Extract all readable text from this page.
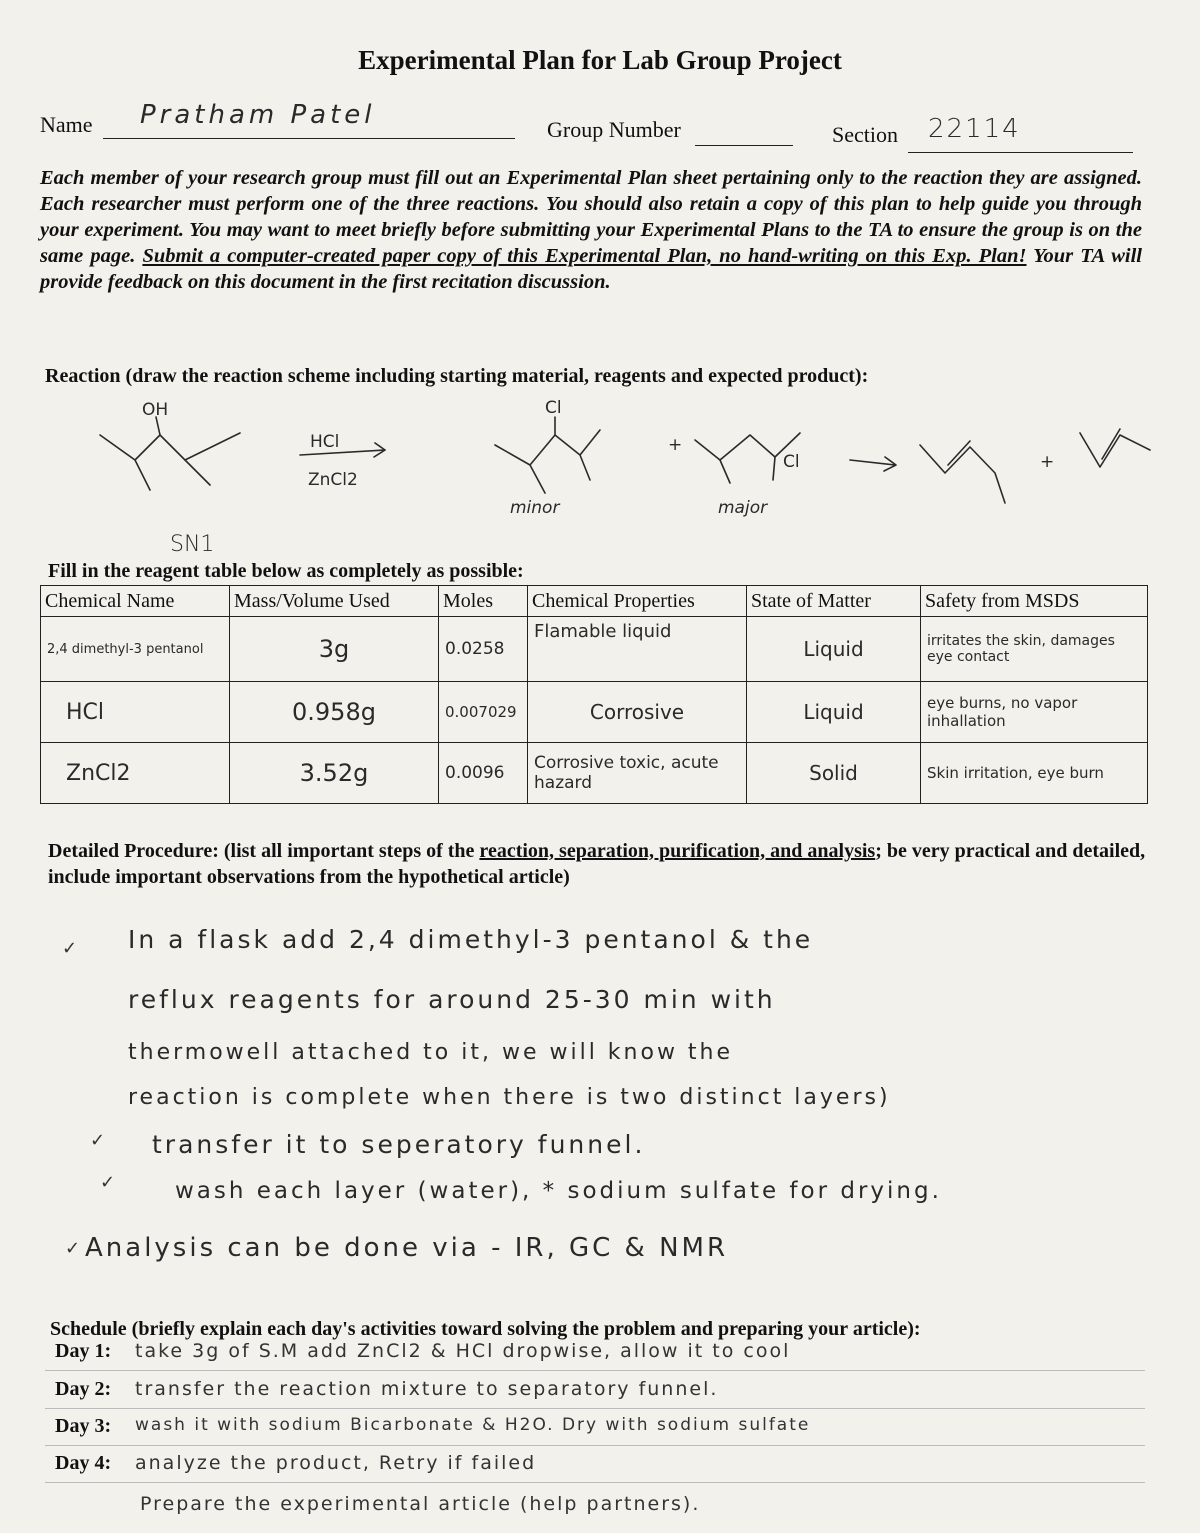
Experimental Plan for Lab Group Project
Name Pratham Patel	Group Number	Section 22114
Each member of your research group must fill out an Experimental Plan sheet pertaining only to the reaction they are assigned. Each researcher must perform one of the three reactions. You should also retain a copy of this plan to help guide you through your experiment. You may want to meet briefly before submitting your Experimental Plans to the TA to ensure the group is on the same page. Submit a computer-created paper copy of this Experimental Plan, no hand-writing on this Exp. Plan! Your TA will provide feedback on this document in the first recitation discussion.
Reaction (draw the reaction scheme including starting material, reagents and expected product):
OH
HCl
ZnCl2
Cl
minor
+
Cl
major
+
SN1
Fill in the reagent table below as completely as possible:
Chemical Name	Mass/Volume Used	Moles	Chemical Properties	State of Matter	Safety from MSDS
2,4 dimethyl-3 pentanol	3g	0.0258	Flamable liquid	Liquid	irritates the skin, damages eye contact
HCl	0.958g	0.007029	Corrosive	Liquid	eye burns, no vapor inhallation
ZnCl2	3.52g	0.0096	Corrosive toxic, acute hazard	Solid	Skin irritation, eye burn
Detailed Procedure: (list all important steps of the reaction, separation, purification, and analysis; be very practical and detailed, include important observations from the hypothetical article)
✓ In a flask add 2,4 dimethyl-3 pentanol & the
reflux reagents for around 25-30 min with
thermowell attached to it, we will know the
reaction is complete when there is two distinct layers)
✓ transfer it to seperatory funnel.
✓	wash each layer (water), * sodium sulfate for drying.
✓ Analysis can be done via - IR, GC & NMR
Schedule (briefly explain each day's activities toward solving the problem and preparing your article):
Day 1: take 3g of S.M add ZnCl2 & HCl dropwise, allow it to cool
Day 2: transfer the reaction mixture to separatory funnel.
Day 3: wash it with sodium Bicarbonate & H2O. Dry with sodium sulfate
Day 4: analyze the product, Retry if failed
Prepare the experimental article (help partners).
